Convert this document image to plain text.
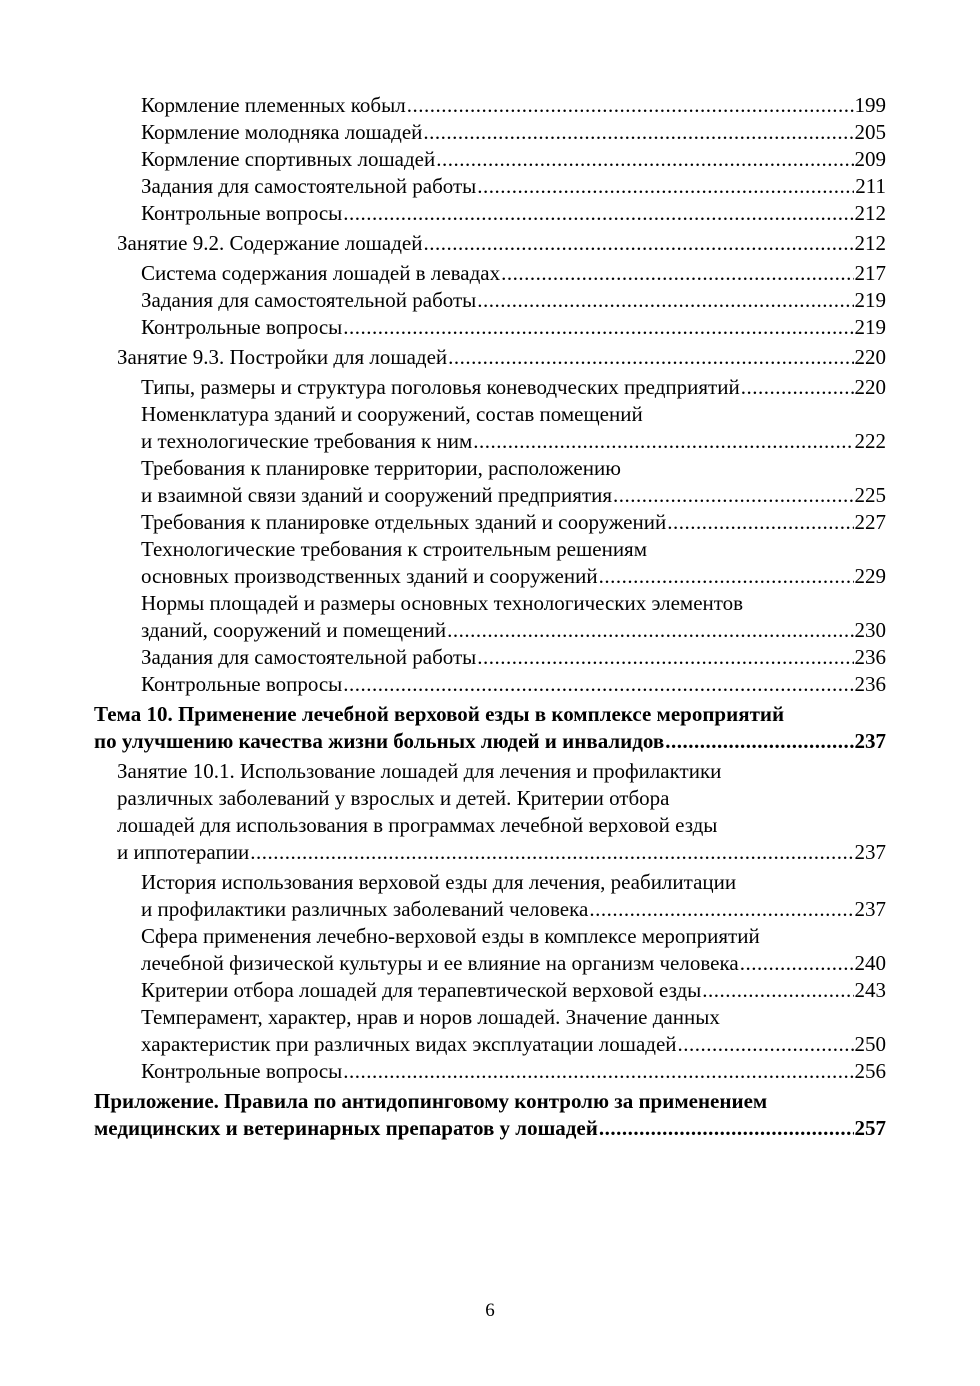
Кормление племенных кобыл .....	199
Кормление молодняка лошадей .....	205
Кормление спортивных лошадей .....	209
Задания для самостоятельной работы .....	211
Контрольные вопросы .....	212
Занятие 9.2. Содержание лошадей .....	212
Система содержания лошадей в левадах .....	217
Задания для самостоятельной работы .....	219
Контрольные вопросы .....	219
Занятие 9.3. Постройки для лошадей .....	220
Типы, размеры и структура поголовья коневодческих предприятий .....	220
Номенклатура зданий и сооружений, состав помещений
и технологические требования к ним .....	222
Требования к планировке территории, расположению
и взаимной связи зданий и сооружений предприятия .....	225
Требования к планировке отдельных зданий и сооружений .....	227
Технологические требования к строительным решениям
основных производственных зданий и сооружений .....	229
Нормы площадей и размеры основных технологических элементов
зданий, сооружений и помещений .....	230
Задания для самостоятельной работы .....	236
Контрольные вопросы .....	236
Тема 10. Применение лечебной верховой езды в комплексе мероприятий
по улучшению качества жизни больных людей и инвалидов .....	237
Занятие 10.1. Использование лошадей для лечения и профилактики
различных заболеваний у взрослых и детей. Критерии отбора
лошадей для использования в программах лечебной верховой езды
и иппотерапии .....	237
История использования верховой езды для лечения, реабилитации
и профилактики различных заболеваний человека .....	237
Сфера применения лечебно-верховой езды в комплексе мероприятий
лечебной физической культуры и ее влияние на организм человека .....	240
Критерии отбора лошадей для терапевтической верховой езды .....	243
Темперамент, характер, нрав и норов лошадей. Значение данных
характеристик при различных видах эксплуатации лошадей .....	250
Контрольные вопросы .....	256
Приложение. Правила по антидопинговому контролю за применением
медицинских и ветеринарных препаратов у лошадей .....	257
6
